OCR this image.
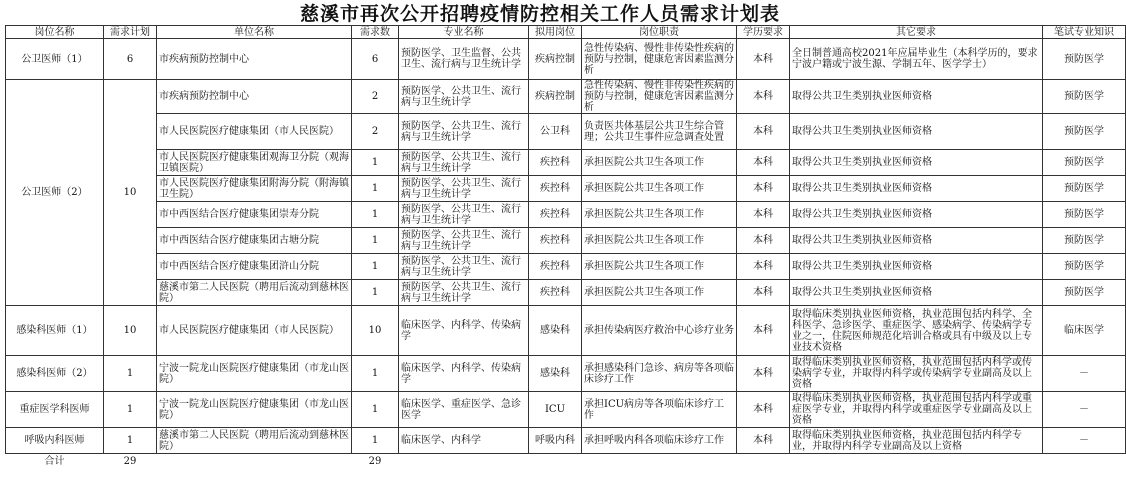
慈溪市再次公开招聘疫情防控相关工作人员需求计划表
岗位名称	需求计划	单位名称	需求数	专业名称	拟用岗位	岗位职责	学历要求	其它要求	笔试专业知识
公卫医师（1）	6	市疾病预防控制中心	6	预防医学、卫生监督、公共卫生、流行病与卫生统计学	疾病控制	急性传染病、慢性非传染性疾病的预防与控制，健康危害因素监测分析	本科	全日制普通高校2021年应届毕业生（本科学历的，要求宁波户籍或宁波生源、学制五年、医学学士）	预防医学
公卫医师（2）	10	市疾病预防控制中心	2	预防医学、公共卫生、流行病与卫生统计学	疾病控制	急性传染病、慢性非传染性疾病的预防与控制，健康危害因素监测分析	本科	取得公共卫生类别执业医师资格	预防医学
		市人民医院医疗健康集团（市人民医院）	2	预防医学、公共卫生、流行病与卫生统计学	公卫科	负责医共体基层公共卫生综合管理；公共卫生事件应急调查处置	本科	取得公共卫生类别执业医师资格	预防医学
		市人民医院医疗健康集团观海卫分院（观海卫镇医院）	1	预防医学、公共卫生、流行病与卫生统计学	疾控科	承担医院公共卫生各项工作	本科	取得公共卫生类别执业医师资格	预防医学
		市人民医院医疗健康集团附海分院（附海镇卫生院）	1	预防医学、公共卫生、流行病与卫生统计学	疾控科	承担医院公共卫生各项工作	本科	取得公共卫生类别执业医师资格	预防医学
		市中西医结合医疗健康集团崇寿分院	1	预防医学、公共卫生、流行病与卫生统计学	疾控科	承担医院公共卫生各项工作	本科	取得公共卫生类别执业医师资格	预防医学
		市中西医结合医疗健康集团古塘分院	1	预防医学、公共卫生、流行病与卫生统计学	疾控科	承担医院公共卫生各项工作	本科	取得公共卫生类别执业医师资格	预防医学
		市中西医结合医疗健康集团浒山分院	1	预防医学、公共卫生、流行病与卫生统计学	疾控科	承担医院公共卫生各项工作	本科	取得公共卫生类别执业医师资格	预防医学
		慈溪市第二人民医院（聘用后流动到慈林医院）	1	预防医学、公共卫生、流行病与卫生统计学	疾控科	承担医院公共卫生各项工作	本科	取得公共卫生类别执业医师资格	预防医学
感染科医师（1）	10	市人民医院医疗健康集团（市人民医院）	10	临床医学、内科学、传染病学	感染科	承担传染病医疗救治中心诊疗业务	本科	取得临床类别执业医师资格，执业范围包括内科学、全科医学、急诊医学、重症医学、感染病学、传染病学专业之一，住院医师规范化培训合格或具有中级及以上专业技术资格	临床医学
感染科医师（2）	1	宁波一院龙山医院医疗健康集团（市龙山医院）	1	临床医学、内科学、传染病学	感染科	承担感染科门急诊、病房等各项临床诊疗工作	本科	取得临床类别执业医师资格，执业范围包括内科学或传染病学专业，并取得内科学或传染病学专业副高及以上资格	－
重症医学科医师	1	宁波一院龙山医院医疗健康集团（市龙山医院）	1	临床医学、重症医学、急诊医学	ICU	承担ICU病房等各项临床诊疗工作	本科	取得临床类别执业医师资格，执业范围包括内科学或重症医学专业，并取得内科学或重症医学专业副高及以上资格	－
呼吸内科医师	1	慈溪市第二人民医院（聘用后流动到慈林医院）	1	临床医学、内科学	呼吸内科	承担呼吸内科各项临床诊疗工作	本科	取得临床类别执业医师资格，执业范围包括内科学专业，并取得内科学专业副高及以上资格	－
合计	29		29						
